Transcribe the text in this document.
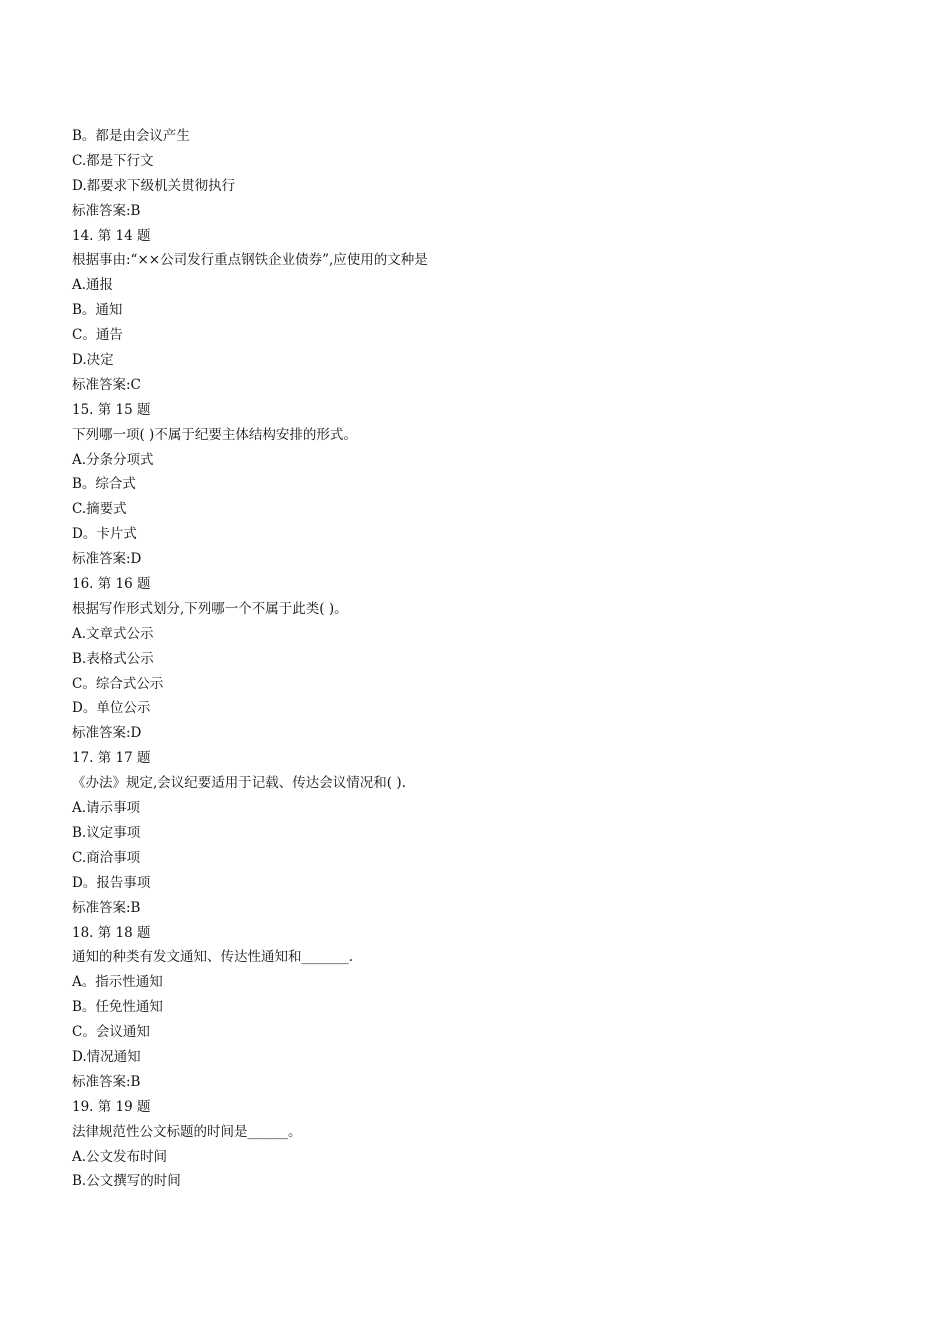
B。都是由会议产生
C.都是下行文
D.都要求下级机关贯彻执行
标准答案:B
14. 第 14 题
根据事由:“××公司发行重点钢铁企业债券”,应使用的文种是
A.通报
B。通知
C。通告
D.决定
标准答案:C
15. 第 15 题
下列哪一项( )不属于纪要主体结构安排的形式。
A.分条分项式
B。综合式
C.摘要式
D。卡片式
标准答案:D
16. 第 16 题
根据写作形式划分,下列哪一个不属于此类( )。
A.文章式公示
B.表格式公示
C。综合式公示
D。单位公示
标准答案:D
17. 第 17 题
《办法》规定,会议纪要适用于记载、传达会议情况和( ).
A.请示事项
B.议定事项
C.商洽事项
D。报告事项
标准答案:B
18. 第 18 题
通知的种类有发文通知、传达性通知和_______.
A。指示性通知
B。任免性通知
C。会议通知
D.情况通知
标准答案:B
19. 第 19 题
法律规范性公文标题的时间是______。
A.公文发布时间
B.公文撰写的时间
